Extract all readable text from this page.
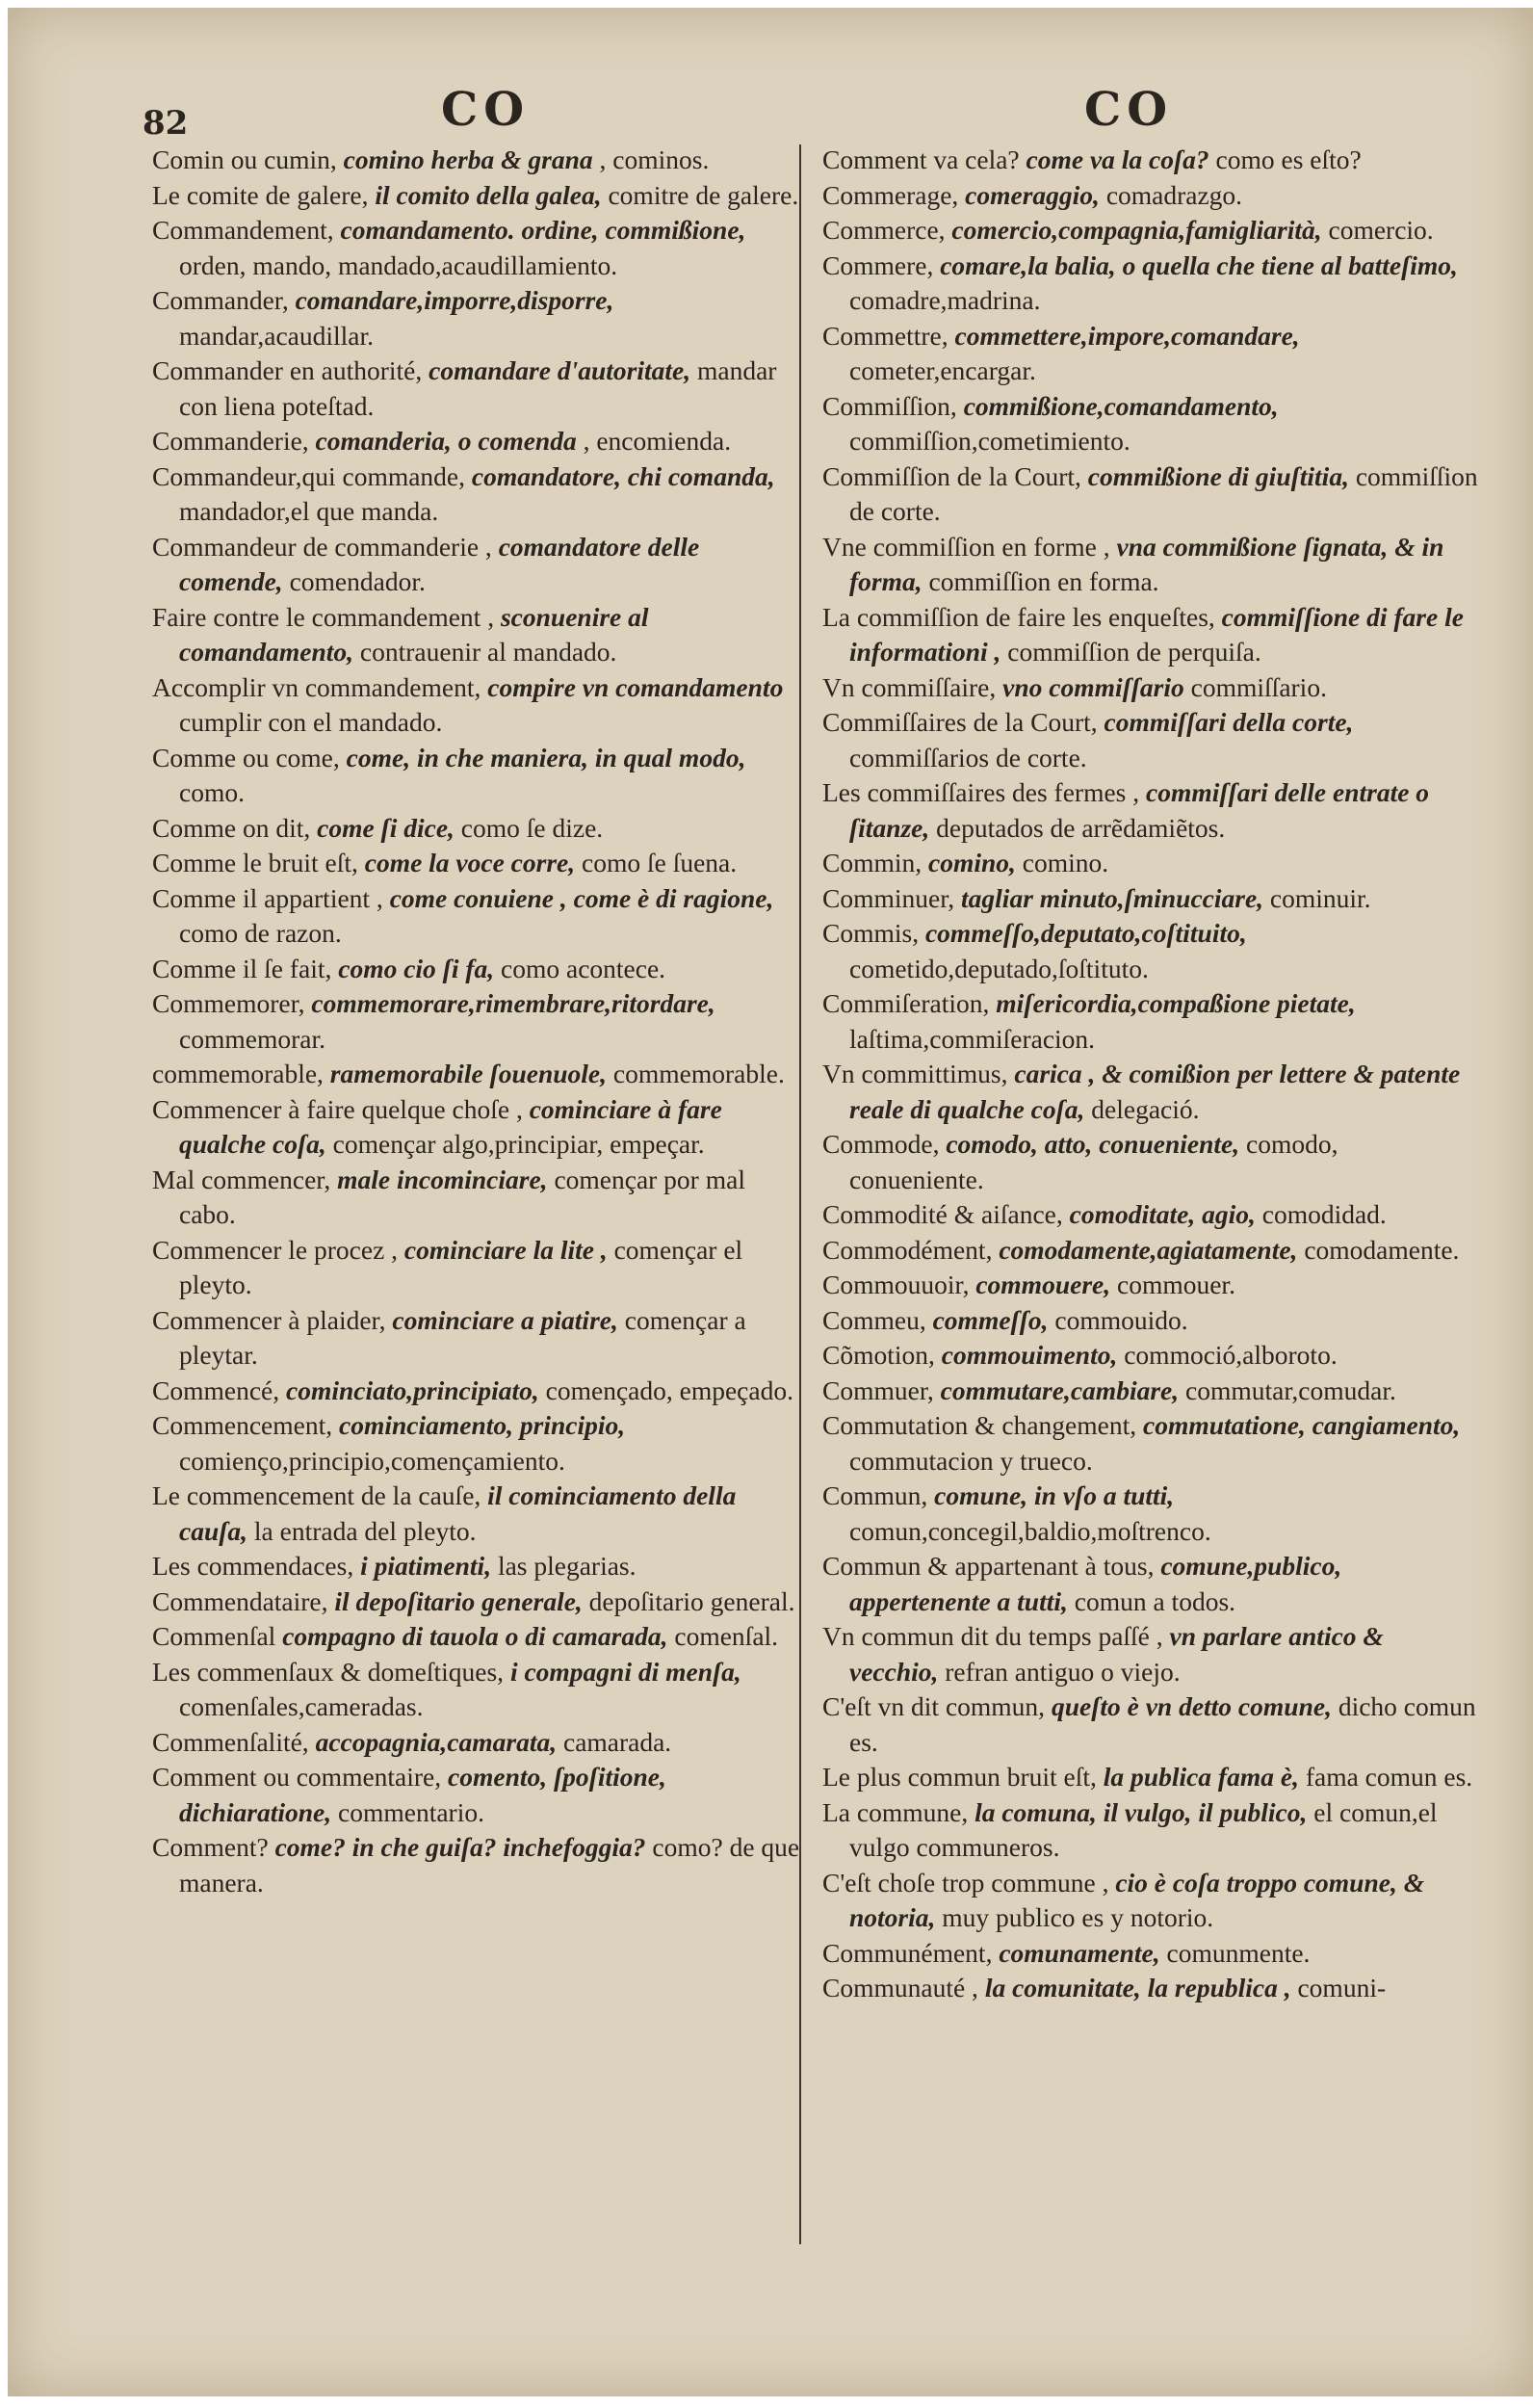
82	CO	CO

Comin ou cumin, comino herba & grana , cominos.

Le comite de galere, il comito della galea, comitre de galere.

Commandement, comandamento. ordine, commißione, orden, mando, mandado,acaudillamiento.

Commander, comandare,imporre,disporre, mandar,acaudillar.

Commander en authorité, comandare d'autoritate, mandar con liena poteſtad.

Commanderie, comanderia, o comenda , encomienda.

Commandeur,qui commande, comandatore, chi comanda, mandador,el que manda.

Commandeur de commanderie , comandatore delle comende, comendador.

Faire contre le commandement , sconuenire al comandamento, contrauenir al mandado.

Accomplir vn commandement, compire vn comandamento cumplir con el mandado.

Comme ou come, come, in che maniera, in qual modo, como.

Comme on dit, come ſi dice, como ſe dize.

Comme le bruit eſt, come la voce corre, como ſe ſuena.

Comme il appartient , come conuiene , come è di ragione, como de razon.

Comme il ſe fait, como cio ſi fa, como acontece.

Commemorer, commemorare,rimembrare,ritordare, commemorar.

commemorable, ramemorabile ſouenuole, commemorable.

Commencer à faire quelque choſe , cominciare à fare qualche coſa, començar algo,principiar, empeçar.

Mal commencer, male incominciare, començar por mal cabo.

Commencer le procez , cominciare la lite , començar el pleyto.

Commencer à plaider, cominciare a piatire, començar a pleytar.

Commencé, cominciato,principiato, començado, empeçado.

Commencement, cominciamento, principio, comienço,principio,començamiento.

Le commencement de la cauſe, il cominciamento della cauſa, la entrada del pleyto.

Les commendaces, i piatimenti, las plegarias.

Commendataire, il depoſitario generale, depoſitario general.

Commenſal compagno di tauola o di camarada, comenſal.

Les commenſaux & domeſtiques, i compagni di menſa, comenſales,cameradas.

Commenſalité, accopagnia,camarata, camarada.

Comment ou commentaire, comento, ſpoſitione, dichiaratione, commentario.

Comment? come? in che guiſa? inchefoggia? como? de que manera.

Comment va cela? come va la coſa? como es eſto?

Commerage, comeraggio, comadrazgo.

Commerce, comercio,compagnia,famigliarità, comercio.

Commere, comare,la balia, o quella che tiene al batteſimo, comadre,madrina.

Commettre, commettere,impore,comandare, cometer,encargar.

Commiſſion, commißione,comandamento, commiſſion,cometimiento.

Commiſſion de la Court, commißione di giuſtitia, commiſſion de corte.

Vne commiſſion en forme , vna commißione ſignata, & in forma, commiſſion en forma.

La commiſſion de faire les enqueſtes, commiſſione di fare le informationi , commiſſion de perquiſa.

Vn commiſſaire, vno commiſſario commiſſario.

Commiſſaires de la Court, commiſſari della corte, commiſſarios de corte.

Les commiſſaires des fermes , commiſſari delle entrate o ſitanze, deputados de arrẽdamiẽtos.

Commin, comino, comino.

Comminuer, tagliar minuto,ſminucciare, cominuir.

Commis, commeſſo,deputato,coſtituito, cometido,deputado,ſoſtituto.

Commiſeration, miſericordia,compaßione pietate, laſtima,commiſeracion.

Vn committimus, carica , & comißion per lettere & patente reale di qualche coſa, delegació.

Commode, comodo, atto, conueniente, comodo, conueniente.

Commodité & aiſance, comoditate, agio, comodidad.

Commodément, comodamente,agiatamente, comodamente.

Commouuoir, commouere, commouer.

Commeu, commeſſo, commouido.

Cõmotion, commouimento, commoció,alboroto.

Commuer, commutare,cambiare, commutar,comudar.

Commutation & changement, commutatione, cangiamento, commutacion y trueco.

Commun, comune, in vſo a tutti, comun,concegil,baldio,moſtrenco.

Commun & appartenant à tous, comune,publico, appertenente a tutti, comun a todos.

Vn commun dit du temps paſſé , vn parlare antico & vecchio, refran antiguo o viejo.

C'eſt vn dit commun, queſto è vn detto comune, dicho comun es.

Le plus commun bruit eſt, la publica fama è, fama comun es.

La commune, la comuna, il vulgo, il publico, el comun,el vulgo communeros.

C'eſt choſe trop commune , cio è coſa troppo comune, & notoria, muy publico es y notorio.

Communément, comunamente, comunmente.

Communauté , la comunitate, la republica , comuni-
